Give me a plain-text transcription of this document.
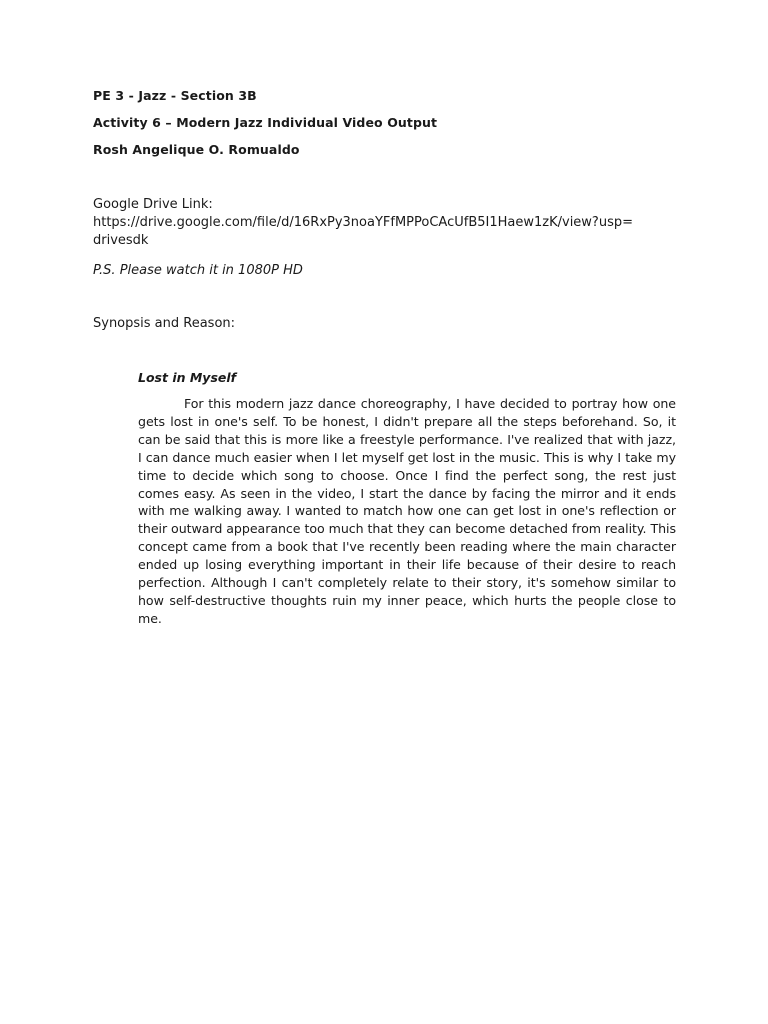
PE 3 - Jazz - Section 3B
Activity 6 – Modern Jazz Individual Video Output
Rosh Angelique O. Romualdo
Google Drive Link:
https://drive.google.com/file/d/16RxPy3noaYFfMPPoCAcUfB5I1Haew1zK/view?usp=
drivesdk
P.S. Please watch it in 1080P HD
Synopsis and Reason:
Lost in Myself

For this modern jazz dance choreography, I have decided to portray how one gets lost in one's self. To be honest, I didn't prepare all the steps beforehand. So, it can be said that this is more like a freestyle performance. I've realized that with jazz, I can dance much easier when I let myself get lost in the music. This is why I take my time to decide which song to choose. Once I find the perfect song, the rest just comes easy. As seen in the video, I start the dance by facing the mirror and it ends with me walking away. I wanted to match how one can get lost in one's reflection or their outward appearance too much that they can become detached from reality. This concept came from a book that I've recently been reading where the main character ended up losing everything important in their life because of their desire to reach perfection. Although I can't completely relate to their story, it's somehow similar to how self-destructive thoughts ruin my inner peace, which hurts the people close to me.
